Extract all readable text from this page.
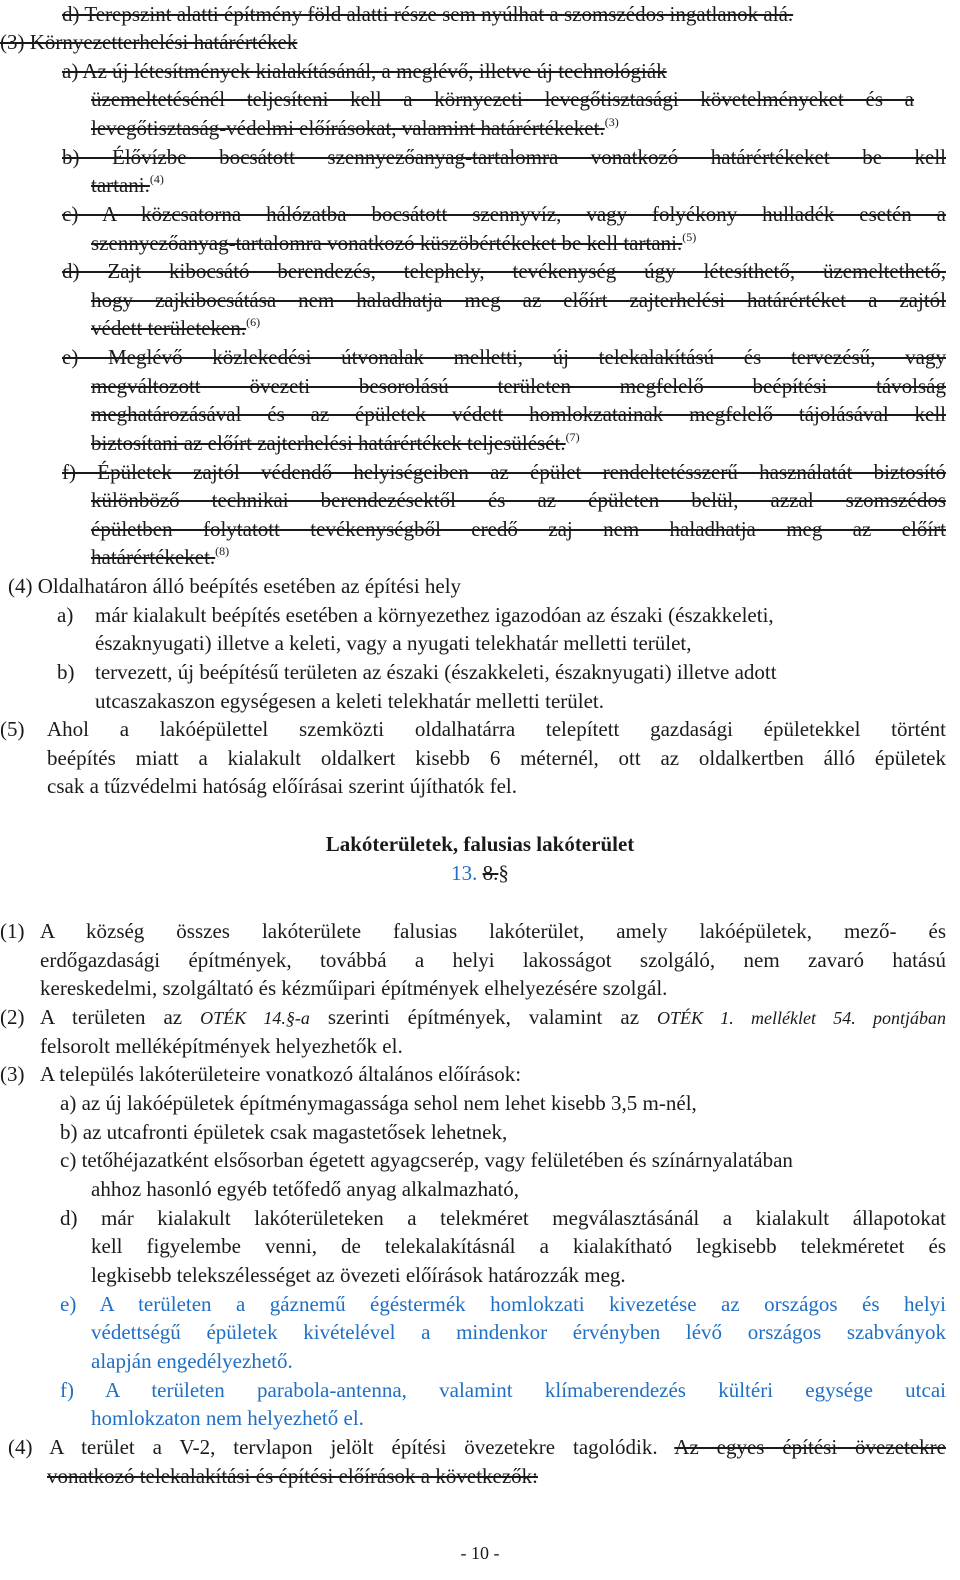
d) Terepszint alatti építmény föld alatti része sem nyúlhat a szomszédos ingatlanok alá.
(3) Környezetterhelési határértékek
a) Az új létesítmények kialakításánál, a meglévő, illetve új technológiák
üzemeltetésénél teljesíteni kell a környezeti levegőtisztasági követelményeket és a
levegőtisztaság-védelmi előírásokat, valamint határértékeket.$^{(3)}$
b) Élővízbe bocsátott szennyezőanyag-tartalomra vonatkozó határértékeket be kell
tartani.$^{(4)}$
c) A közcsatorna hálózatba bocsátott szennyvíz, vagy folyékony hulladék esetén a
szennyezőanyag-tartalomra vonatkozó küszöbértékeket be kell tartani.$^{(5)}$
d) Zajt kibocsátó berendezés, telephely, tevékenység úgy létesíthető, üzemeltethető,
hogy zajkibocsátása nem haladhatja meg az előírt zajterhelési határértéket a zajtól
védett területeken.$^{(6)}$
e) Meglévő közlekedési útvonalak melletti, új telekalakítású és tervezésű, vagy
megváltozott övezeti besorolású területen megfelelő beépítési távolság
meghatározásával és az épületek védett homlokzatainak megfelelő tájolásával kell
biztosítani az előírt zajterhelési határértékek teljesülését.$^{(7)}$
f) Épületek zajtól védendő helyiségeiben az épület rendeltetésszerű használatát biztosító
különböző technikai berendezésektől és az épületen belül, azzal szomszédos
épületben folytatott tevékenységből eredő zaj nem haladhatja meg az előírt
határértékeket.$^{(8)}$
(4) Oldalhatáron álló beépítés esetében az építési hely
a)	már kialakult beépítés esetében a környezethez igazodóan az északi (északkeleti,
északnyugati) illetve a keleti, vagy a nyugati telekhatár melletti terület,
b) tervezett, új beépítésű területen az északi (északkeleti, északnyugati) illetve adott
utcaszakaszon egységesen a keleti telekhatár melletti terület.
(5)	Ahol a lakóépülettel szemközti oldalhatárra telepített gazdasági épületekkel történt
beépítés miatt a kialakult oldalkert kisebb 6 méternél, ott az oldalkertben álló épületek
csak a tűzvédelmi hatóság előírásai szerint újíthatók fel.
(1) A község összes lakóterülete falusias lakóterület, amely lakóépületek, mező- és
erdőgazdasági építmények, továbbá a helyi lakosságot szolgáló, nem zavaró hatású
kereskedelmi, szolgáltató és kézműipari építmények elhelyezésére szolgál.
(2) A területen az OTÉK 14.§-a szerinti építmények, valamint az OTÉK 1. melléklet 54. pontjában
felsorolt melléképítmények helyezhetők el.
(3) A település lakóterületeire vonatkozó általános előírások:
a) az új lakóépületek építménymagassága sehol nem lehet kisebb 3,5 m-nél,
b) az utcafronti épületek csak magastetősek lehetnek,
c) tetőhéjazatként elsősorban égetett agyagcserép, vagy felületében és színárnyalatában
ahhoz hasonló egyéb tetőfedő anyag alkalmazható,
d) már kialakult lakóterületeken a telekméret megválasztásánál a kialakult állapotokat
kell figyelembe venni, de telekalakításnál a kialakítható legkisebb telekméretet és
legkisebb telekszélességet az övezeti előírások határozzák meg.
e) A területen a gáznemű égéstermék homlokzati kivezetése az országos és helyi
védettségű épületek kivételével a mindenkor érvényben lévő országos szabványok
alapján engedélyezhető.
f) A területen parabola-antenna, valamint klímaberendezés kültéri egysége utcai
homlokzaton nem helyezhető el.
(4) A terület a V-2, tervlapon jelölt építési övezetekre tagolódik. Az egyes építési övezetekre
vonatkozó telekalakítási és építési előírások a következők:
Lakóterületek, falusias lakóterület
13. 8.§
- 10 -
